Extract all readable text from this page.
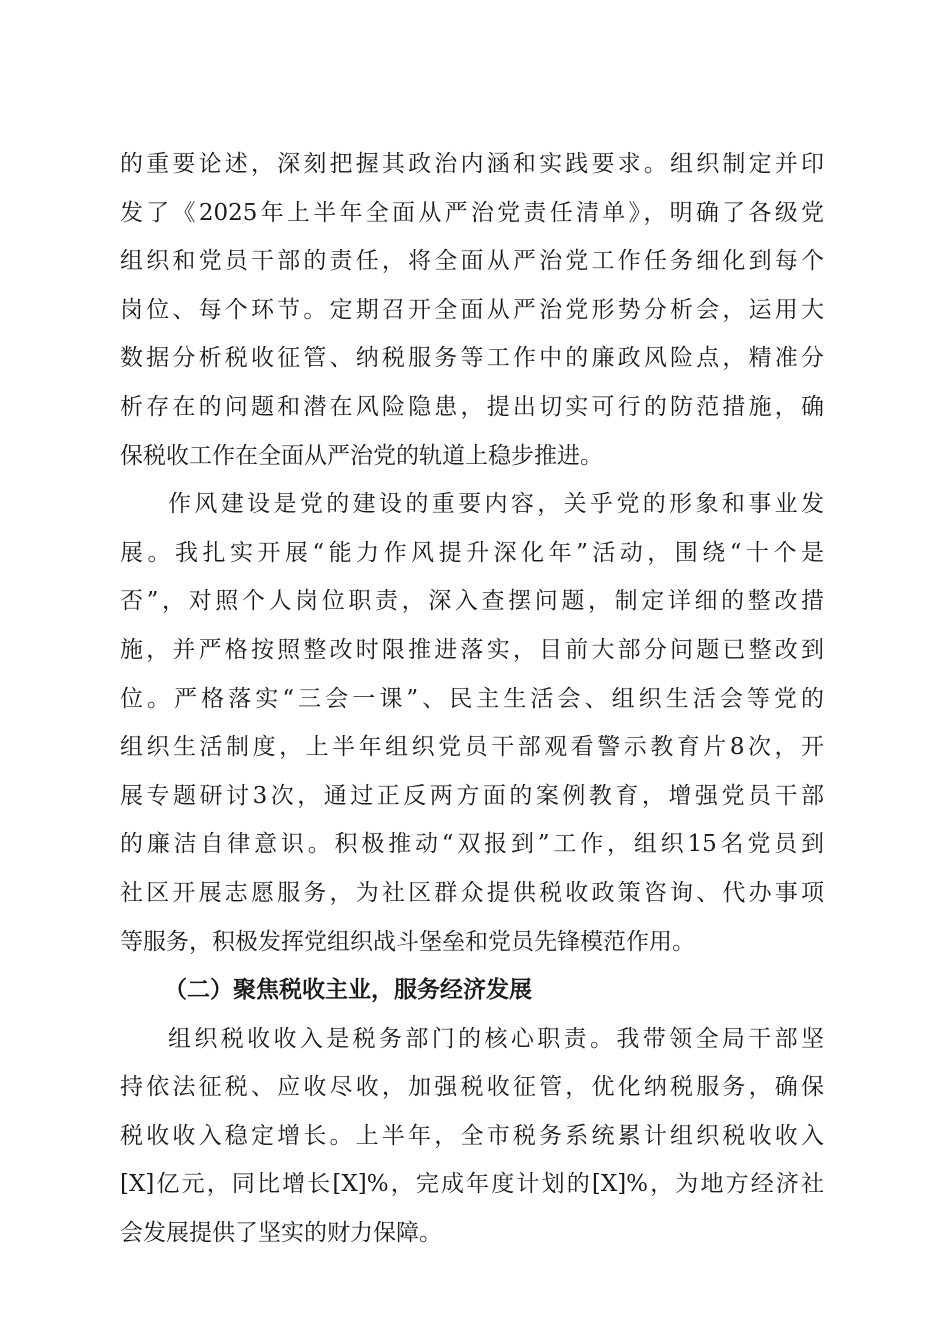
的重要论述，深刻把握其政治内涵和实践要求。组织制定并印
发了《2025年上半年全面从严治党责任清单》，明确了各级党
组织和党员干部的责任，将全面从严治党工作任务细化到每个
岗位、每个环节。定期召开全面从严治党形势分析会，运用大
数据分析税收征管、纳税服务等工作中的廉政风险点，精准分
析存在的问题和潜在风险隐患，提出切实可行的防范措施，确
保税收工作在全面从严治党的轨道上稳步推进。
作风建设是党的建设的重要内容，关乎党的形象和事业发
展。我扎实开展“能力作风提升深化年”活动，围绕“十个是
否”，对照个人岗位职责，深入查摆问题，制定详细的整改措
施，并严格按照整改时限推进落实，目前大部分问题已整改到
位。严格落实“三会一课”、民主生活会、组织生活会等党的
组织生活制度，上半年组织党员干部观看警示教育片8次，开
展专题研讨3次，通过正反两方面的案例教育，增强党员干部
的廉洁自律意识。积极推动“双报到”工作，组织15名党员到
社区开展志愿服务，为社区群众提供税收政策咨询、代办事项
等服务，积极发挥党组织战斗堡垒和党员先锋模范作用。
（二）聚焦税收主业，服务经济发展
组织税收收入是税务部门的核心职责。我带领全局干部坚
持依法征税、应收尽收，加强税收征管，优化纳税服务，确保
税收收入稳定增长。上半年，全市税务系统累计组织税收收入
[X]亿元，同比增长[X]%，完成年度计划的[X]%，为地方经济社
会发展提供了坚实的财力保障。
